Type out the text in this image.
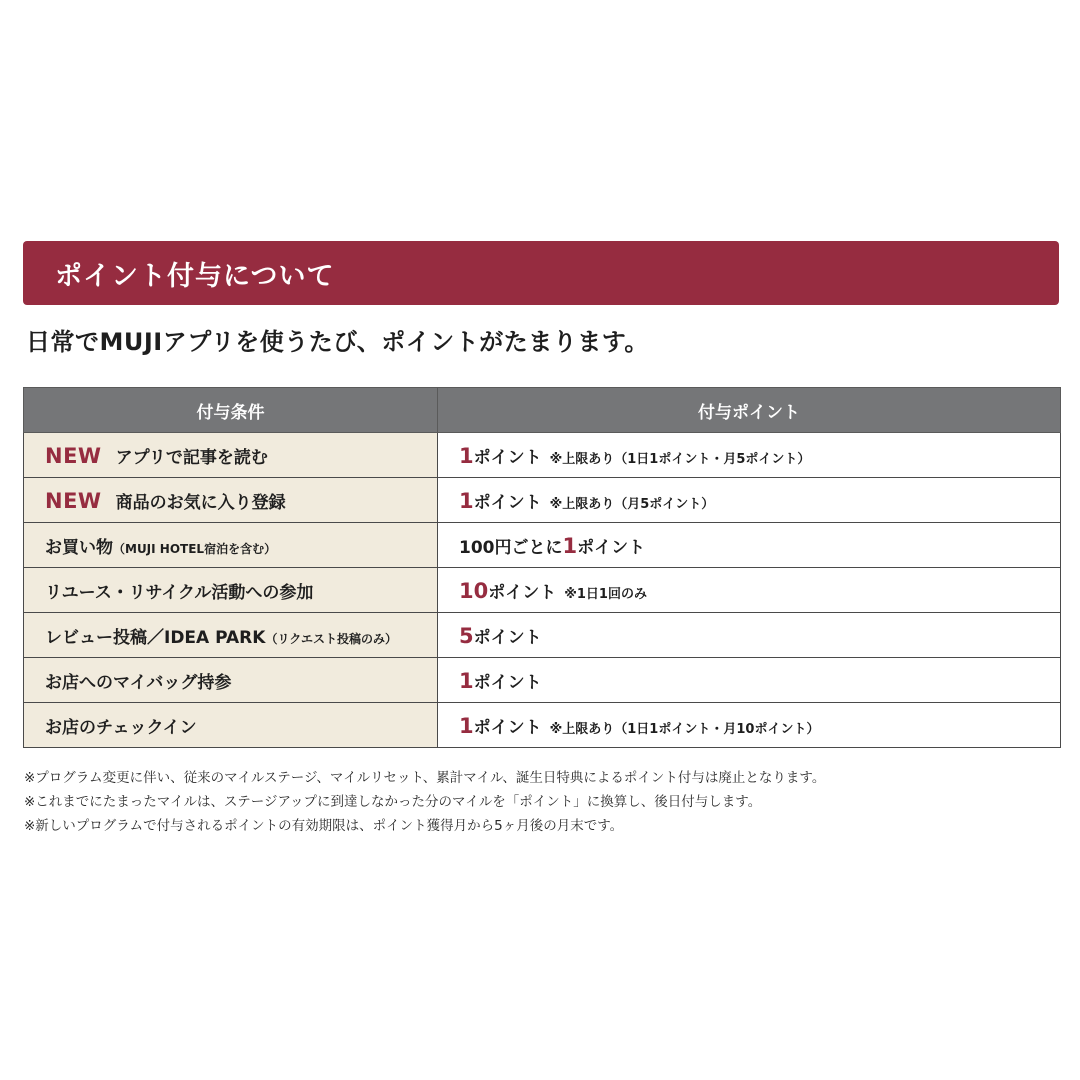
ポイント付与について
日常でMUJIアプリを使うたび、ポイントがたまります。
付与条件	付与ポイント
NEW アプリで記事を読む	1ポイント ※上限あり（1日1ポイント・月5ポイント）
NEW 商品のお気に入り登録	1ポイント ※上限あり（月5ポイント）
お買い物（MUJI HOTEL宿泊を含む）	100円ごとに1ポイント
リユース・リサイクル活動への参加	10ポイント ※1日1回のみ
レビュー投稿／IDEA PARK（リクエスト投稿のみ）	5ポイント
お店へのマイバッグ持参	1ポイント
お店のチェックイン	1ポイント ※上限あり（1日1ポイント・月10ポイント）
※プログラム変更に伴い、従来のマイルステージ、マイルリセット、累計マイル、誕生日特典によるポイント付与は廃止となります。
※これまでにたまったマイルは、ステージアップに到達しなかった分のマイルを「ポイント」に換算し、後日付与します。
※新しいプログラムで付与されるポイントの有効期限は、ポイント獲得月から5ヶ月後の月末です。
